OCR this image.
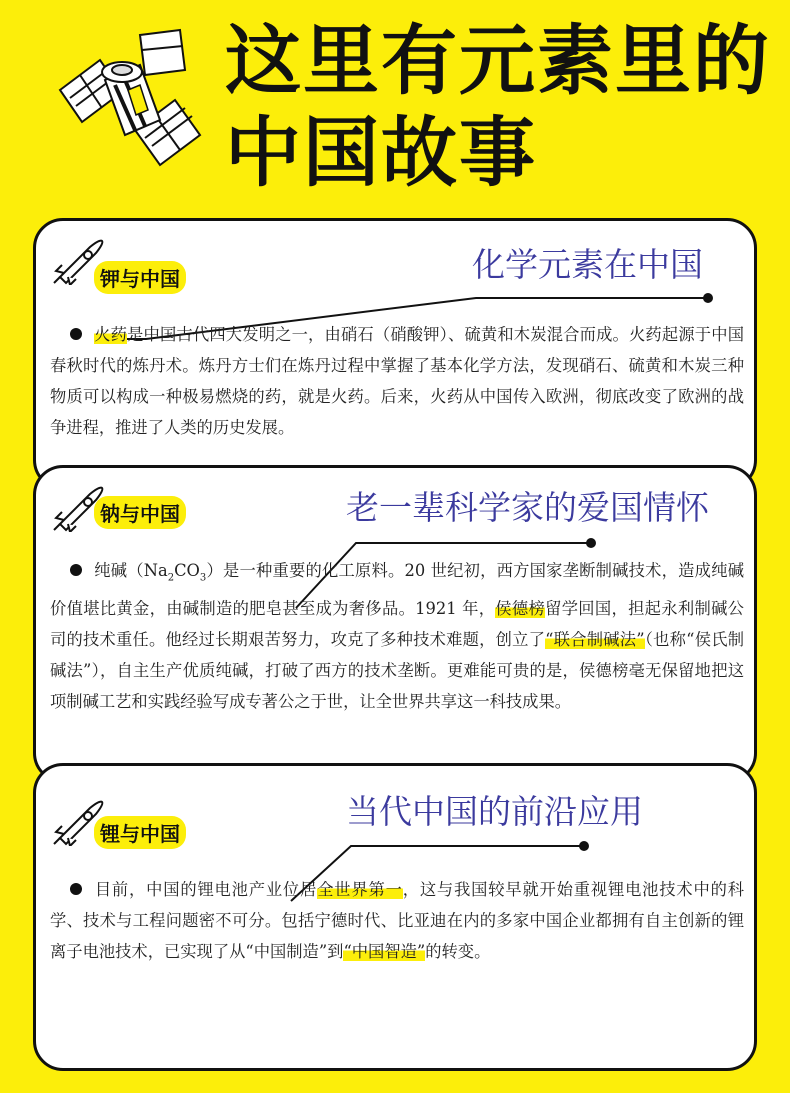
这里有元素里的
中国故事
钾与中国	化学元素在中国
火药是中国古代四大发明之一，由硝石（硝酸钾）、硫黄和木炭混合而成。火药起源于中国春秋时代的炼丹术。炼丹方士们在炼丹过程中掌握了基本化学方法，发现硝石、硫黄和木炭三种物质可以构成一种极易燃烧的药，就是火药。后来，火药从中国传入欧洲，彻底改变了欧洲的战争进程，推进了人类的历史发展。
钠与中国	老一辈科学家的爱国情怀
纯碱$(Na_2CO_3)$是一种重要的化工原料。20 世纪初，西方国家垄断制碱技术，造成纯碱价值堪比黄金，由碱制造的肥皂甚至成为奢侈品。1921 年，侯德榜留学回国，担起永利制碱公司的技术重任。他经过长期艰苦努力，攻克了多种技术难题，创立了“联合制碱法”（也称“侯氏制碱法”），自主生产优质纯碱，打破了西方的技术垄断。更难能可贵的是，侯德榜毫无保留地把这项制碱工艺和实践经验写成专著公之于世，让全世界共享这一科技成果。
锂与中国
当代中国的前沿应用
目前，中国的锂电池产业位居全世界第一，这与我国较早就开始重视锂电池技术中的科学、技术与工程问题密不可分。包括宁德时代、比亚迪在内的多家中国企业都拥有自主创新的锂离子电池技术，已实现了从“中国制造”到“中国智造”的转变。
